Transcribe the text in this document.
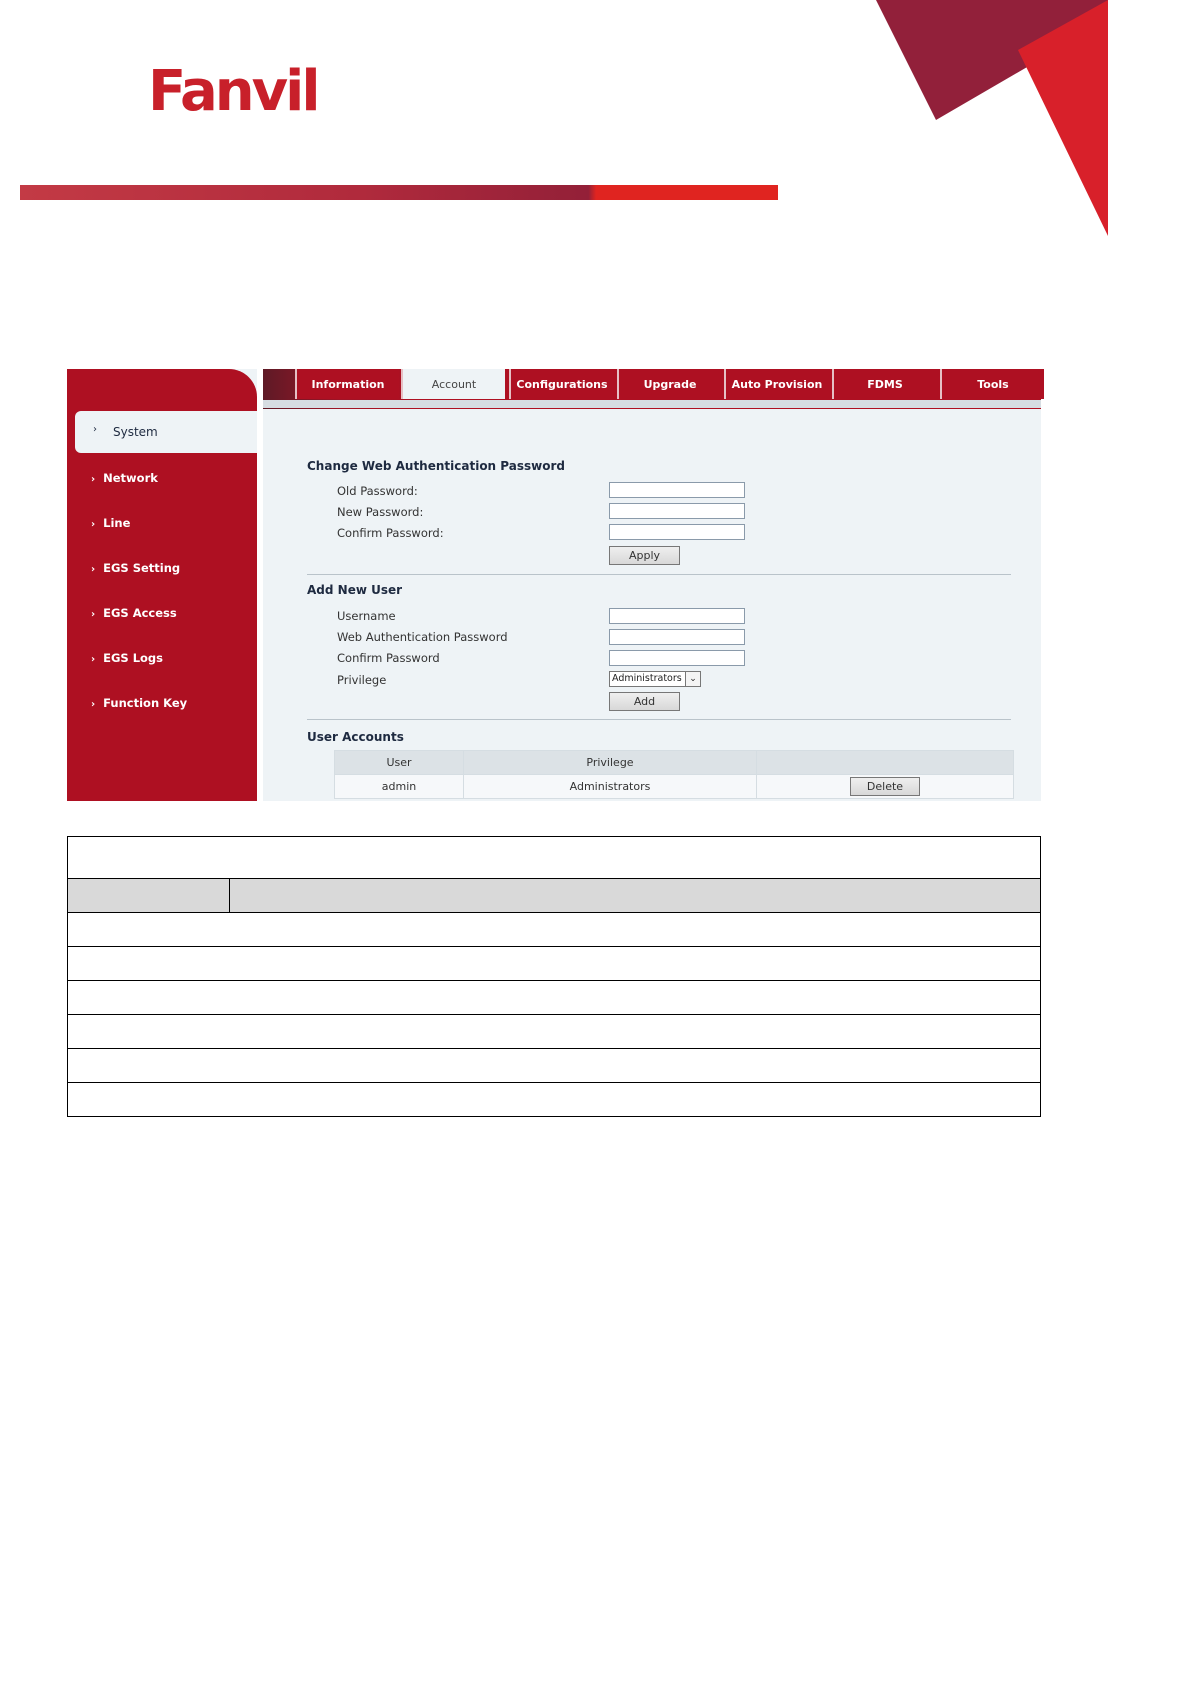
Fanvil
Information	Account	Configurations	Upgrade	Auto Provision	FDMS	Tools
› System
› Network
› Line
› EGS Setting
› EGS Access
› EGS Logs
› Function Key
Change Web Authentication Password
Old Password:
New Password:
Confirm Password:
Apply
Add New User
Username
Web Authentication Password
Confirm Password
Privilege	Administrators ⌄
Add
User Accounts
User	Privilege	
admin	Administrators	Delete
